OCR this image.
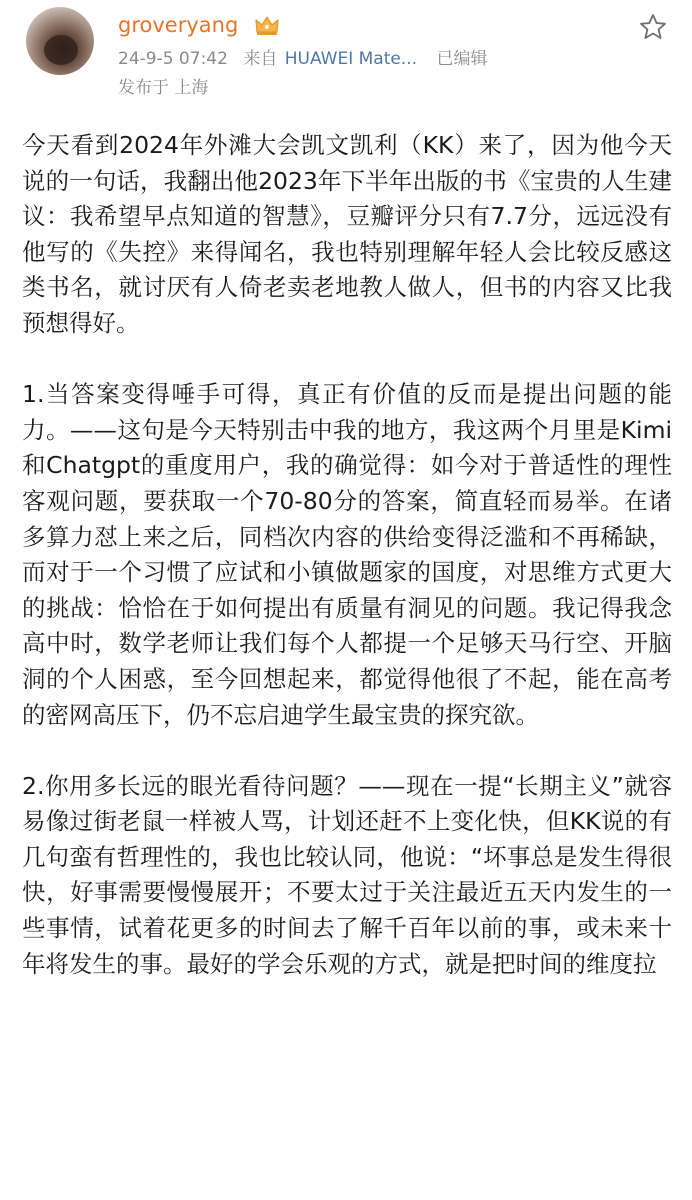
groveryang
24-9-5 07:42 来自 HUAWEI Mate... 已编辑
发布于 上海

今天看到2024年外滩大会凯文凯利（KK）来了，因为他今天说的一句话，我翻出他2023年下半年出版的书《宝贵的人生建议：我希望早点知道的智慧》，豆瓣评分只有7.7分，远远没有他写的《失控》来得闻名，我也特别理解年轻人会比较反感这类书名，就讨厌有人倚老卖老地教人做人，但书的内容又比我预想得好。

1.当答案变得唾手可得，真正有价值的反而是提出问题的能力。——这句是今天特别击中我的地方，我这两个月里是Kimi和Chatgpt的重度用户，我的确觉得：如今对于普适性的理性客观问题，要获取一个70-80分的答案，简直轻而易举。在诸多算力怼上来之后，同档次内容的供给变得泛滥和不再稀缺，而对于一个习惯了应试和小镇做题家的国度，对思维方式更大的挑战：恰恰在于如何提出有质量有洞见的问题。我记得我念高中时，数学老师让我们每个人都提一个足够天马行空、开脑洞的个人困惑，至今回想起来，都觉得他很了不起，能在高考的密网高压下，仍不忘启迪学生最宝贵的探究欲。

2.你用多长远的眼光看待问题？——现在一提“长期主义”就容易像过街老鼠一样被人骂，计划还赶不上变化快，但KK说的有几句蛮有哲理性的，我也比较认同，他说：“坏事总是发生得很快，好事需要慢慢展开；不要太过于关注最近五天内发生的一些事情，试着花更多的时间去了解千百年以前的事，或未来十年将发生的事。最好的学会乐观的方式，就是把时间的维度拉
